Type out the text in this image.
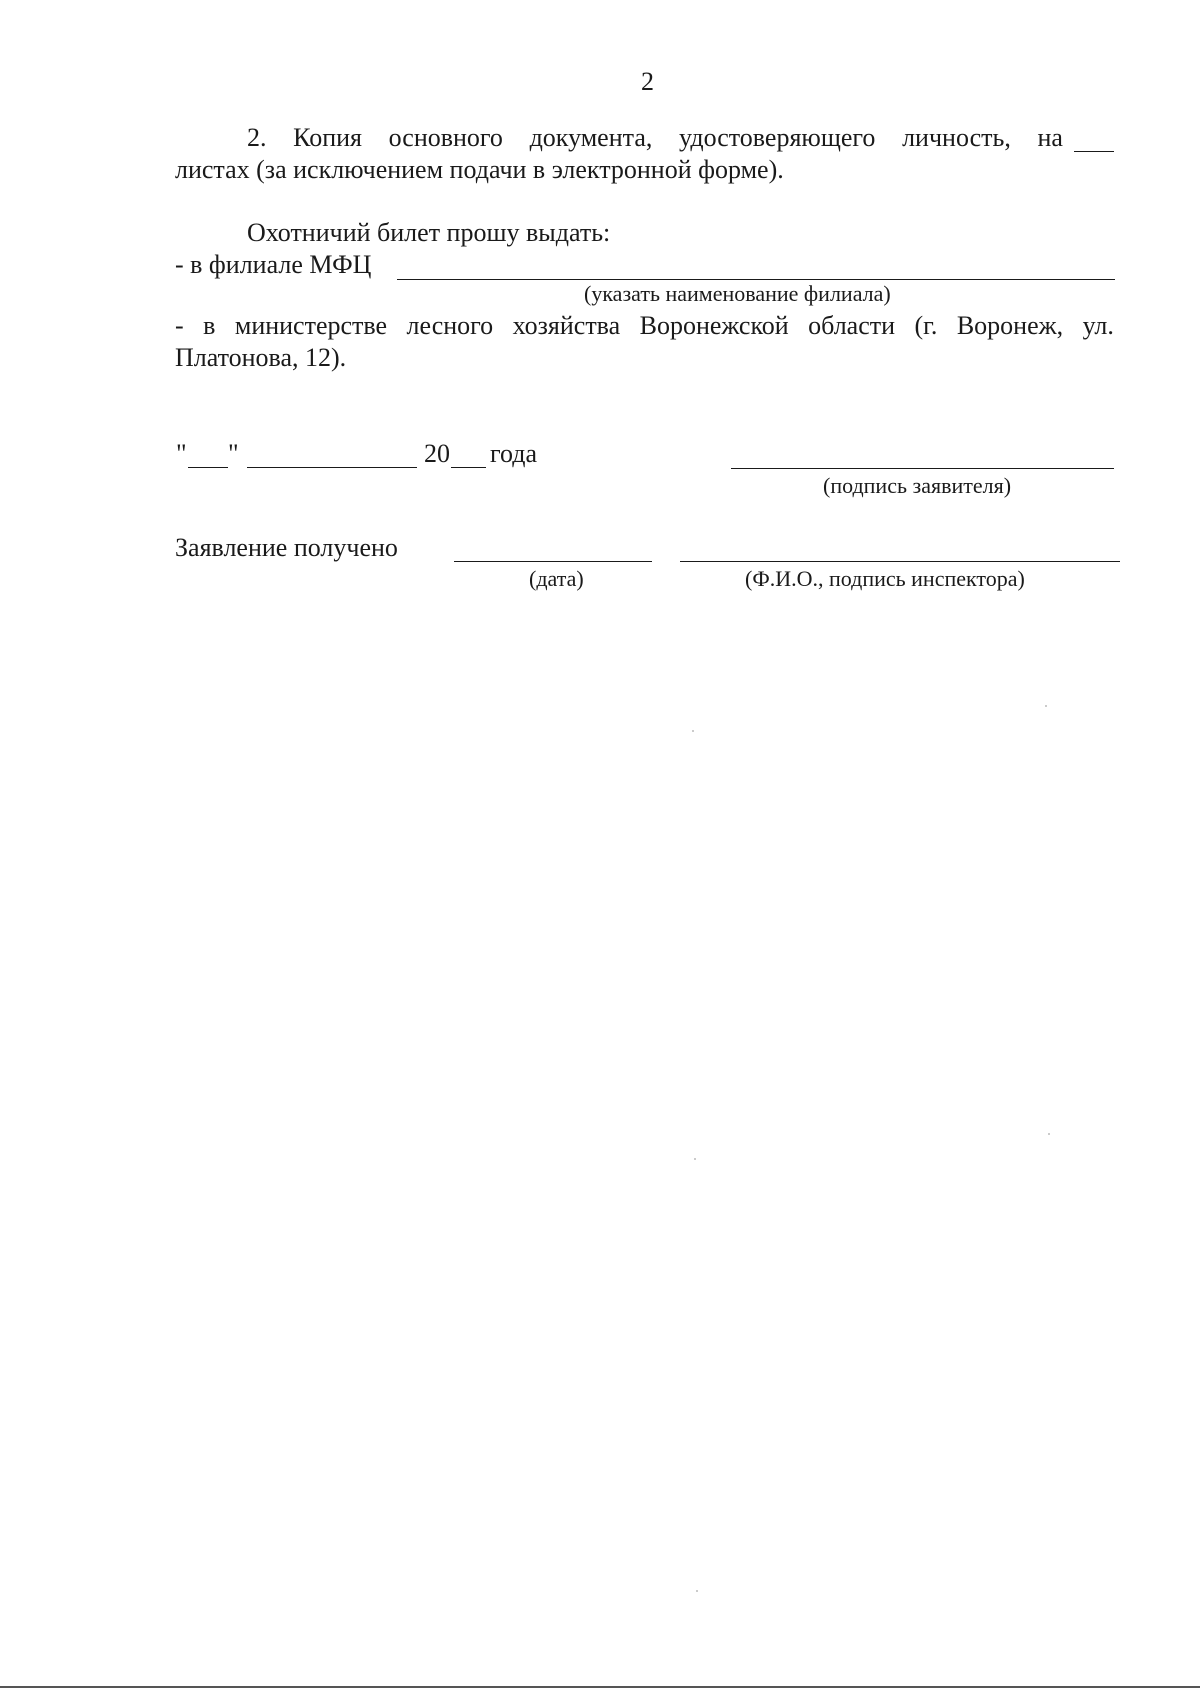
2
2. Копия основного документа, удостоверяющего личность, на
листах (за исключением подачи в электронной форме).
Охотничий билет прошу выдать:
- в филиале МФЦ
(указать наименование филиала)
- в министерстве лесного хозяйства Воронежской области (г. Воронеж, ул.
Платонова, 12).
" "	20 года
(подпись заявителя)
Заявление получено
(дата)	(Ф.И.О., подпись инспектора)
